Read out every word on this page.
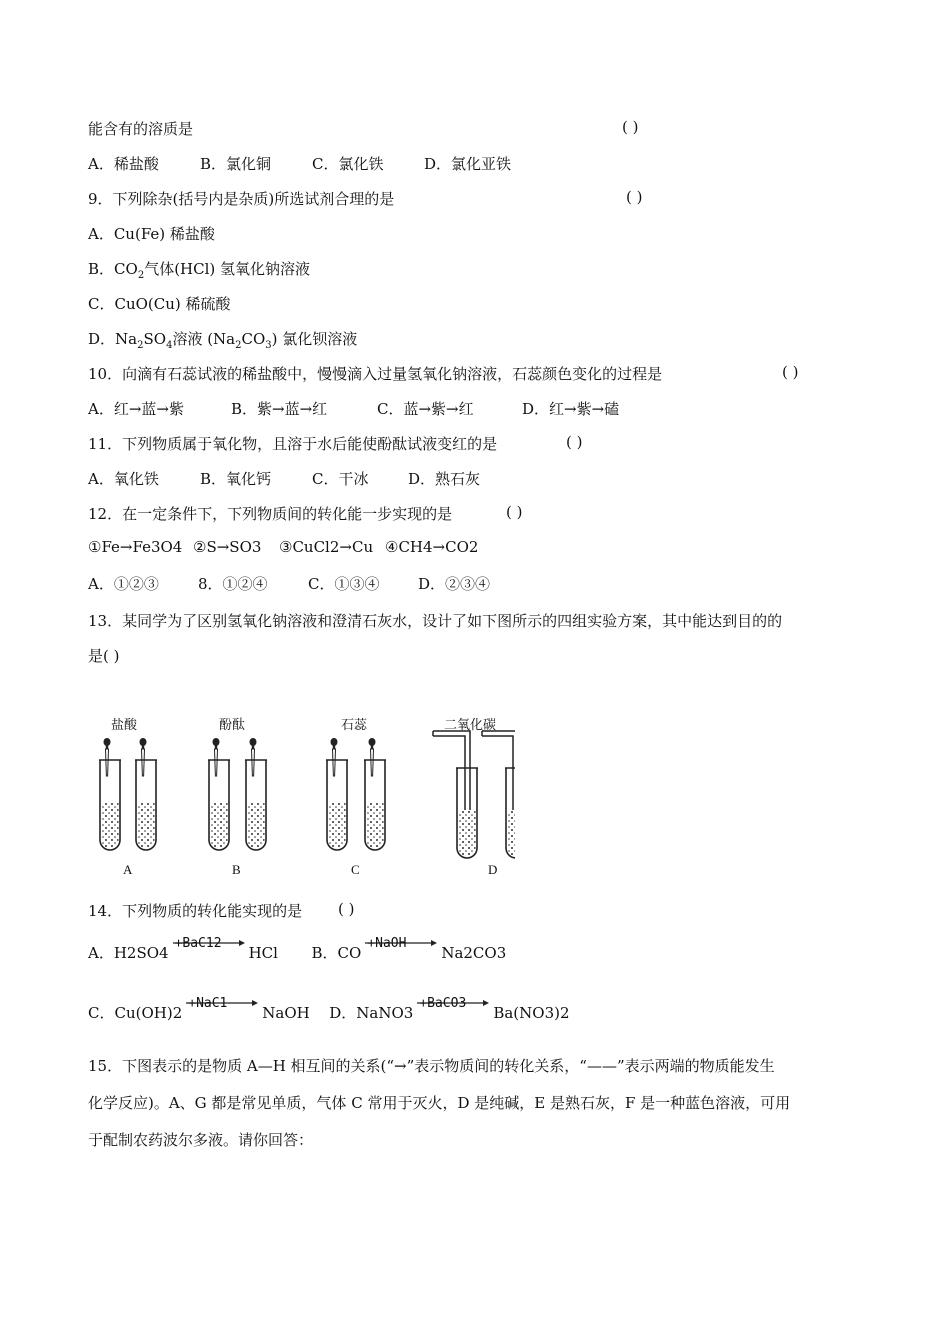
能含有的溶质是	( )
A．稀盐酸	B．氯化铜	C．氯化铁	D．氯化亚铁
9．下列除杂(括号内是杂质)所选试剂合理的是	( )
A．Cu(Fe) 稀盐酸
B．$CO_2$气体(HCl) 氢氧化钠溶液
C．CuO(Cu) 稀硫酸
D．$Na_2SO_4$溶液 $(Na_2CO_3)$ 氯化钡溶液
10．向滴有石蕊试液的稀盐酸中，慢慢滴入过量氢氧化钠溶液，石蕊颜色变化的过程是	( )
A．红→蓝→紫	B．紫→蓝→红	C．蓝→紫→红	D．红→紫→磕
11．下列物质属于氧化物，且溶于水后能使酚酞试液变红的是	( )
A．氧化铁	B．氧化钙	C．干冰	D．熟石灰
12．在一定条件下，下列物质间的转化能一步实现的是	( )
①Fe→Fe3O4 ②S→SO3 ③CuCl2→Cu ④CH4→CO2
A．①②③	8．①②④	C．①③④	D．②③④
13．某同学为了区别氢氧化钠溶液和澄清石灰水，设计了如下图所示的四组实验方案，其中能达到目的的
是( )
盐酸	酚酞	石蕊	二氧化碳
A	B	C	D
14．下列物质的转化能实现的是 ( )
A．H2SO4
+BaC12
HCl B．CO
+NaOH
Na2CO3
C．Cu(OH)2
+NaC1
NaOH D．NaNO3
+BaCO3
Ba(NO3)2
15．下图表示的是物质 A—H 相互间的关系(“→”表示物质间的转化关系，“——”表示两端的物质能发生
化学反应)。A、G 都是常见单质，气体 C 常用于灭火，D 是纯碱，E 是熟石灰，F 是一种蓝色溶液，可用
于配制农药波尔多液。请你回答：
